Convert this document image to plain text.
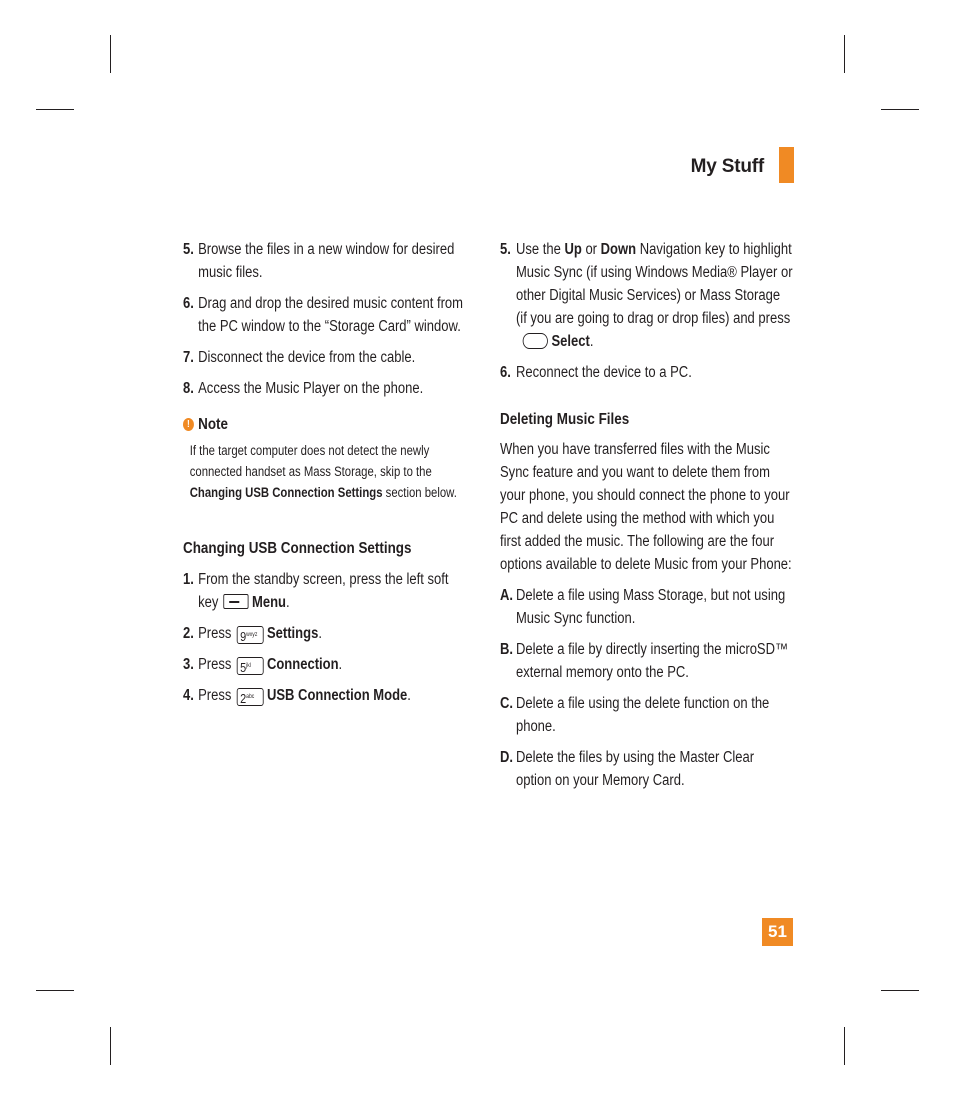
My Stuff
5. Browse the files in a new window for desired music files.
6. Drag and drop the desired music content from the PC window to the “Storage Card” window.
7. Disconnect the device from the cable.
8. Access the Music Player on the phone.
! Note
If the target computer does not detect the newly connected handset as Mass Storage, skip to the Changing USB Connection Settings section below.
Changing USB Connection Settings
1. From the standby screen, press the left soft key Menu.
2. Press $9^{wxyz}$ Settings.
3. Press $5^{jkl}$ Connection.
4. Press $2^{abc}$ USB Connection Mode.
5. Use the Up or Down Navigation key to highlight Music Sync (if using Windows Media® Player or other Digital Music Services) or Mass Storage (if you are going to drag or drop files) and press Select.
6. Reconnect the device to a PC.
Deleting Music Files
When you have transferred files with the Music Sync feature and you want to delete them from your phone, you should connect the phone to your PC and delete using the method with which you first added the music. The following are the four options available to delete Music from your Phone:
A. Delete a file using Mass Storage, but not using Music Sync function.
B. Delete a file by directly inserting the microSD™ external memory onto the PC.
C. Delete a file using the delete function on the phone.
D. Delete the files by using the Master Clear option on your Memory Card.
51
